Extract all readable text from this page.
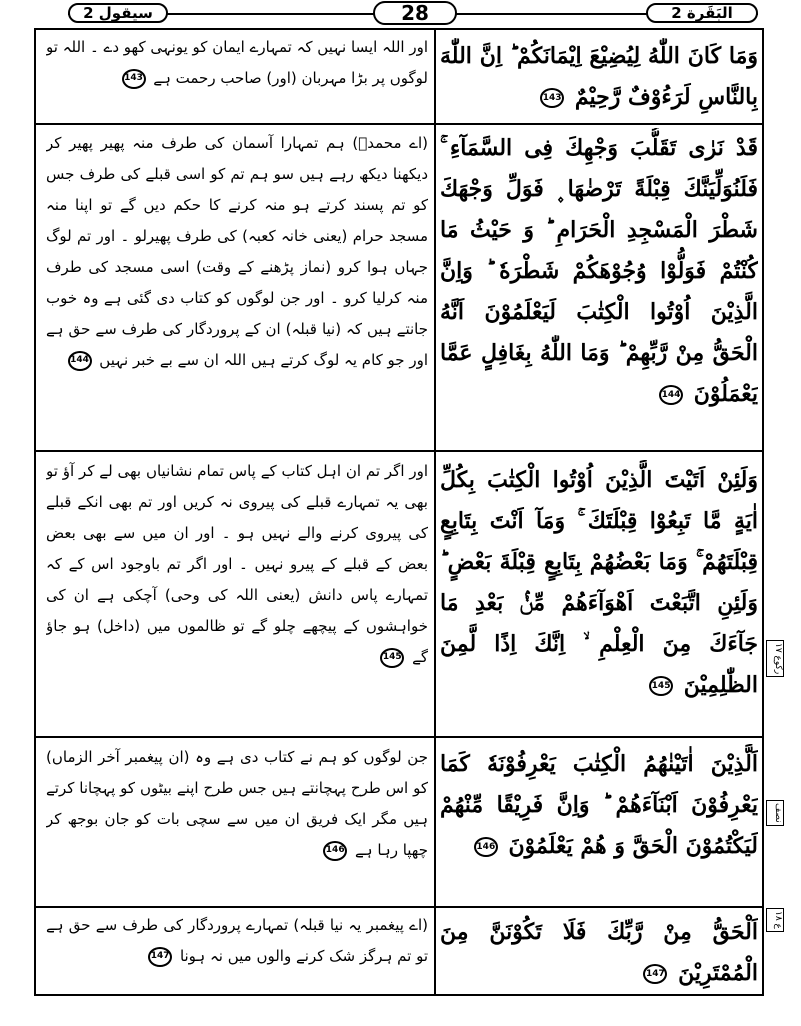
سیقول 2	28	البَقَرة 2
وَمَا كَانَ اللّٰهُ لِيُضِيْعَ اِيْمَانَكُمْ ؕ اِنَّ اللّٰهَ بِالنَّاسِ لَرَءُوْفٌ رَّحِيْمٌ 143
اور اللہ ایسا نہیں کہ تمہارے ایمان کو یونہی کھو دے ۔ اللہ تو لوگوں پر بڑا مہربان (اور) صاحب رحمت ہے 143
قَدْ نَرٰى تَقَلُّبَ وَجْهِكَ فِى السَّمَآءِ ۚ فَلَنُوَلِّيَنَّكَ قِبْلَةً تَرْضٰهَا ۪ فَوَلِّ وَجْهَكَ شَطْرَ الْمَسْجِدِ الْحَرَامِ ؕ وَ حَيْثُ مَا كُنْتُمْ فَوَلُّوْا وُجُوْهَكُمْ شَطْرَهٗ ؕ وَاِنَّ الَّذِيْنَ اُوْتُوا الْكِتٰبَ لَيَعْلَمُوْنَ اَنَّهُ الْحَقُّ مِنْ رَّبِّهِمْ ؕ وَمَا اللّٰهُ بِغَافِلٍ عَمَّا يَعْمَلُوْنَ 144
(اے محمدؐ) ہم تمہارا آسمان کی طرف منہ پھیر پھیر کر دیکھنا دیکھ رہے ہیں سو ہم تم کو اسی قبلے کی طرف جس کو تم پسند کرتے ہو منہ کرنے کا حکم دیں گے تو اپنا منہ مسجد حرام (یعنی خانہ کعبہ) کی طرف پھیرلو ۔ اور تم لوگ جہاں ہوا کرو (نماز پڑھنے کے وقت) اسی مسجد کی طرف منہ کرلیا کرو ۔ اور جن لوگوں کو کتاب دی گئی ہے وہ خوب جانتے ہیں کہ (نیا قبلہ) ان کے پروردگار کی طرف سے حق ہے اور جو کام یہ لوگ کرتے ہیں اللہ ان سے بے خبر نہیں 144
وَلَئِنْ اَتَيْتَ الَّذِيْنَ اُوْتُوا الْكِتٰبَ بِكُلِّ اٰيَةٍ مَّا تَبِعُوْا قِبْلَتَكَ ۚ وَمَآ اَنْتَ بِتَابِعٍ قِبْلَتَهُمْ ۚ وَمَا بَعْضُهُمْ بِتَابِعٍ قِبْلَةَ بَعْضٍ ؕ وَلَئِنِ اتَّبَعْتَ اَهْوَآءَهُمْ مِّنْۢ بَعْدِ مَا جَآءَكَ مِنَ الْعِلْمِ ۙ اِنَّكَ اِذًا لَّمِنَ الظّٰلِمِيْنَ 145
اور اگر تم ان اہل کتاب کے پاس تمام نشانیاں بھی لے کر آؤ تو بھی یہ تمہارے قبلے کی پیروی نہ کریں اور تم بھی انکے قبلے کی پیروی کرنے والے نہیں ہو ۔ اور ان میں سے بھی بعض بعض کے قبلے کے پیرو نہیں ۔ اور اگر تم باوجود اس کے کہ تمہارے پاس دانش (یعنی اللہ کی وحی) آچکی ہے ان کی خواہشوں کے پیچھے چلو گے تو ظالموں میں (داخل) ہو جاؤ گے 145
اَلَّذِيْنَ اٰتَيْنٰهُمُ الْكِتٰبَ يَعْرِفُوْنَهٗ كَمَا يَعْرِفُوْنَ اَبْنَآءَهُمْ ؕ وَاِنَّ فَرِيْقًا مِّنْهُمْ لَيَكْتُمُوْنَ الْحَقَّ وَ هُمْ يَعْلَمُوْنَ 146
جن لوگوں کو ہم نے کتاب دی ہے وہ (ان پیغمبر آخر الزماں) کو اس طرح پہچانتے ہیں جس طرح اپنے بیٹوں کو پہچانا کرتے ہیں مگر ایک فریق ان میں سے سچی بات کو جان بوجھ کر چھپا رہا ہے 146
اَلْحَقُّ مِنْ رَّبِّكَ فَلَا تَكُوْنَنَّ مِنَ الْمُمْتَرِيْنَ 147
(اے پیغمبر یہ نیا قبلہ) تمہارے پروردگار کی طرف سے حق ہے تو تم ہرگز شک کرنے والوں میں نہ ہونا 147
رکوع ۱۷
نصف
ع ۱۸
